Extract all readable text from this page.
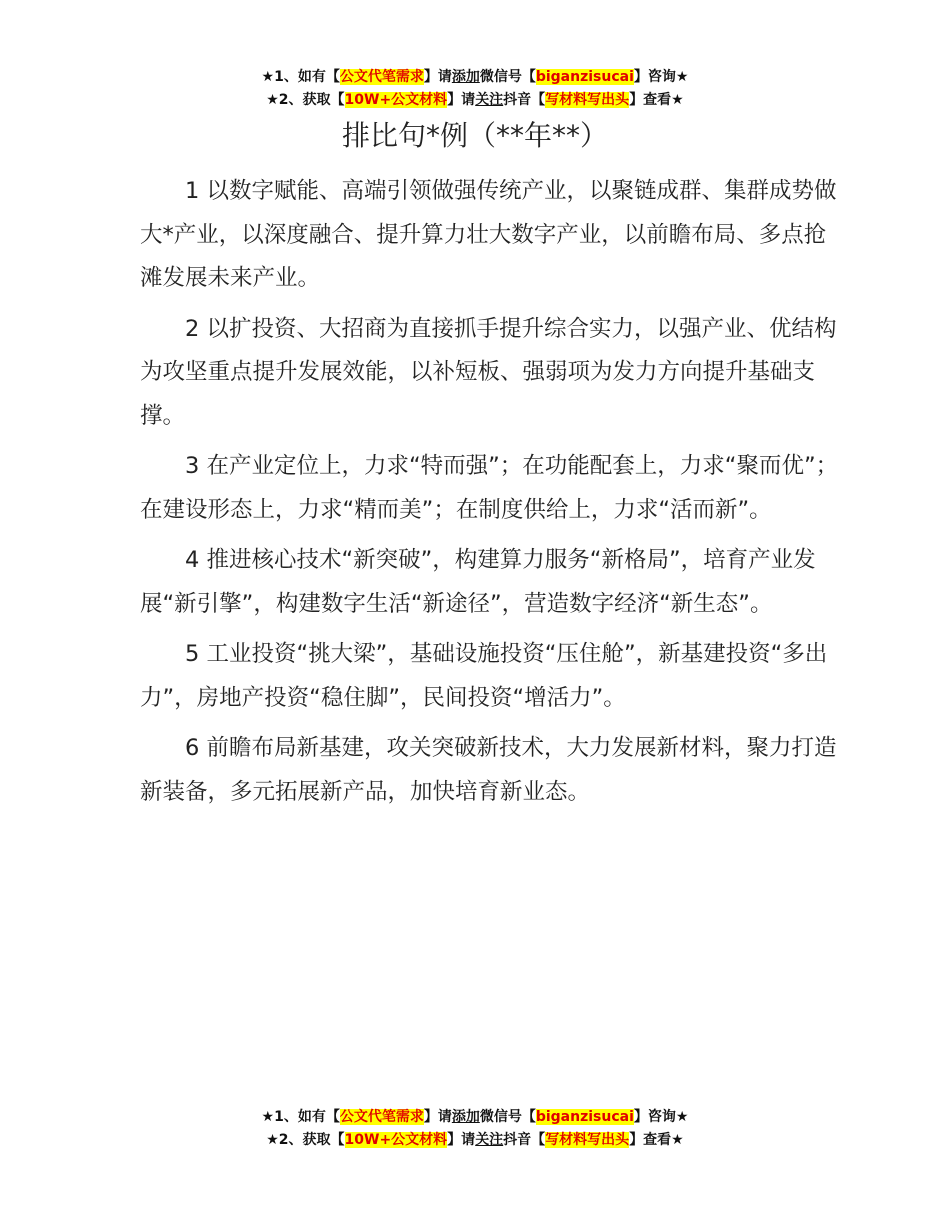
★1、如有【公文代笔需求】请添加微信号【biganzisucai】咨询★
★2、获取【10W+公文材料】请关注抖音【写材料写出头】查看★
排比句*例（**年**）

1 以数字赋能、高端引领做强传统产业，以聚链成群、集群成势做大*产业，以深度融合、提升算力壮大数字产业，以前瞻布局、多点抢滩发展未来产业。

2 以扩投资、大招商为直接抓手提升综合实力，以强产业、优结构为攻坚重点提升发展效能，以补短板、强弱项为发力方向提升基础支撑。

3 在产业定位上，力求“特而强”；在功能配套上，力求“聚而优”；在建设形态上，力求“精而美”；在制度供给上，力求“活而新”。

4 推进核心技术“新突破”，构建算力服务“新格局”，培育产业发展“新引擎”，构建数字生活“新途径”，营造数字经济“新生态”。

5 工业投资“挑大梁”，基础设施投资“压住舱”，新基建投资“多出力”，房地产投资“稳住脚”，民间投资“增活力”。

6 前瞻布局新基建，攻关突破新技术，大力发展新材料，聚力打造新装备，多元拓展新产品，加快培育新业态。

★1、如有【公文代笔需求】请添加微信号【biganzisucai】咨询★
★2、获取【10W+公文材料】请关注抖音【写材料写出头】查看★
